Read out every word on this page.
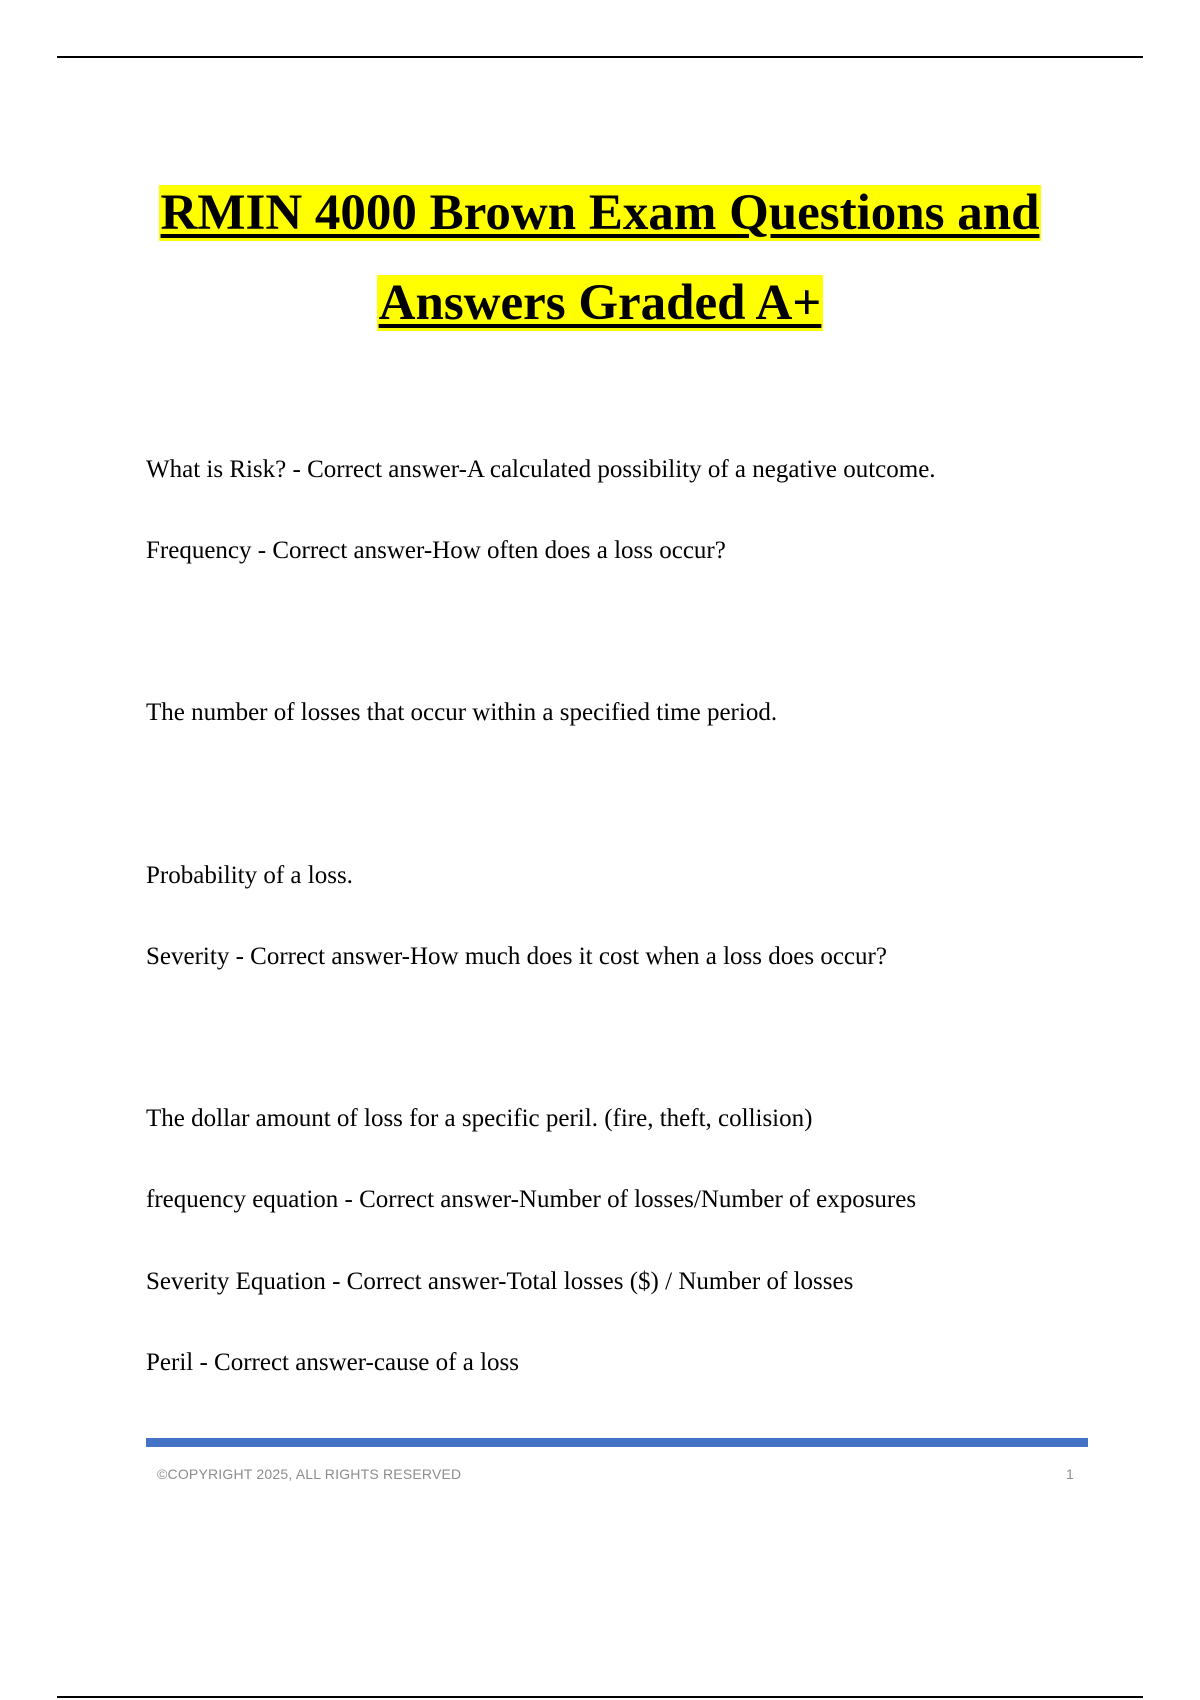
RMIN 4000 Brown Exam Questions and
Answers Graded A+
What is Risk? - Correct answer-A calculated possibility of a negative outcome.
Frequency - Correct answer-How often does a loss occur?
The number of losses that occur within a specified time period.
Probability of a loss.
Severity - Correct answer-How much does it cost when a loss does occur?
The dollar amount of loss for a specific peril. (fire, theft, collision)
frequency equation - Correct answer-Number of losses/Number of exposures
Severity Equation - Correct answer-Total losses ($) / Number of losses
Peril - Correct answer-cause of a loss
©COPYRIGHT 2025, ALL RIGHTS RESERVED	1
